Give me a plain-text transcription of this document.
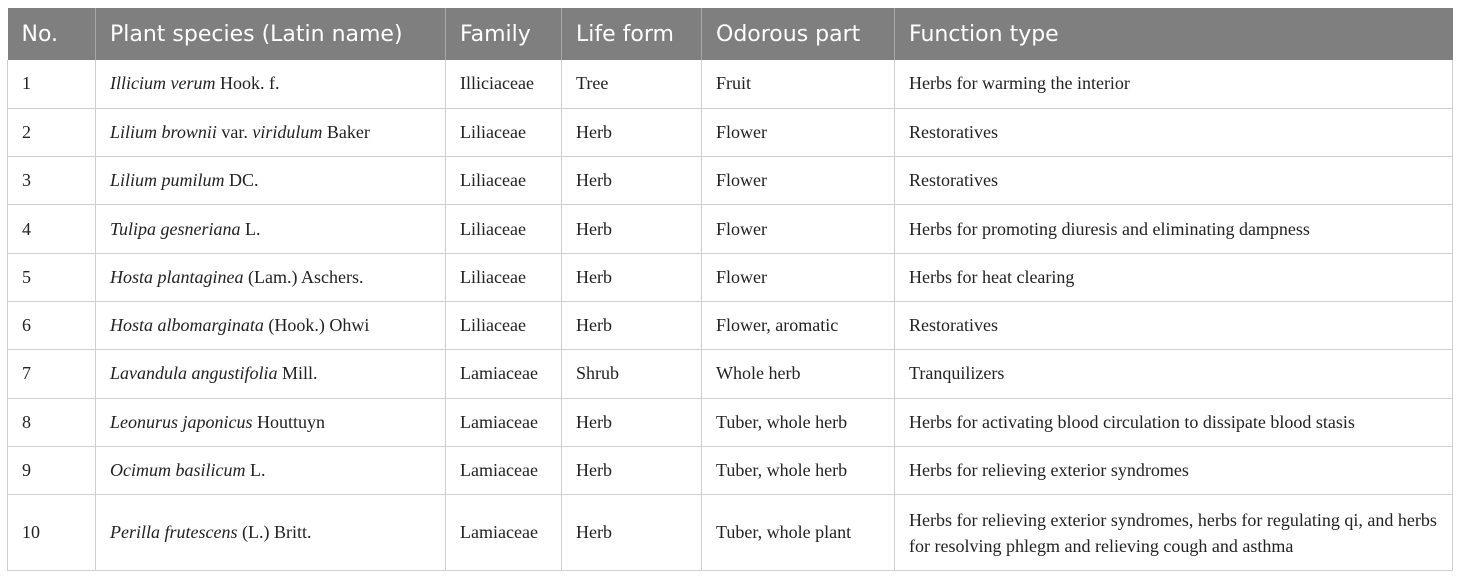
No.	Plant species (Latin name)	Family	Life form	Odorous part	Function type
1	Illicium verum Hook. f.	Illiciaceae	Tree	Fruit	Herbs for warming the interior
2	Lilium brownii var. viridulum Baker	Liliaceae	Herb	Flower	Restoratives
3	Lilium pumilum DC.	Liliaceae	Herb	Flower	Restoratives
4	Tulipa gesneriana L.	Liliaceae	Herb	Flower	Herbs for promoting diuresis and eliminating dampness
5	Hosta plantaginea (Lam.) Aschers.	Liliaceae	Herb	Flower	Herbs for heat clearing
6	Hosta albomarginata (Hook.) Ohwi	Liliaceae	Herb	Flower, aromatic	Restoratives
7	Lavandula angustifolia Mill.	Lamiaceae	Shrub	Whole herb	Tranquilizers
8	Leonurus japonicus Houttuyn	Lamiaceae	Herb	Tuber, whole herb	Herbs for activating blood circulation to dissipate blood stasis
9	Ocimum basilicum L.	Lamiaceae	Herb	Tuber, whole herb	Herbs for relieving exterior syndromes
10	Perilla frutescens (L.) Britt.	Lamiaceae	Herb	Tuber, whole plant	Herbs for relieving exterior syndromes, herbs for regulating qi, and herbs for resolving phlegm and relieving cough and asthma
